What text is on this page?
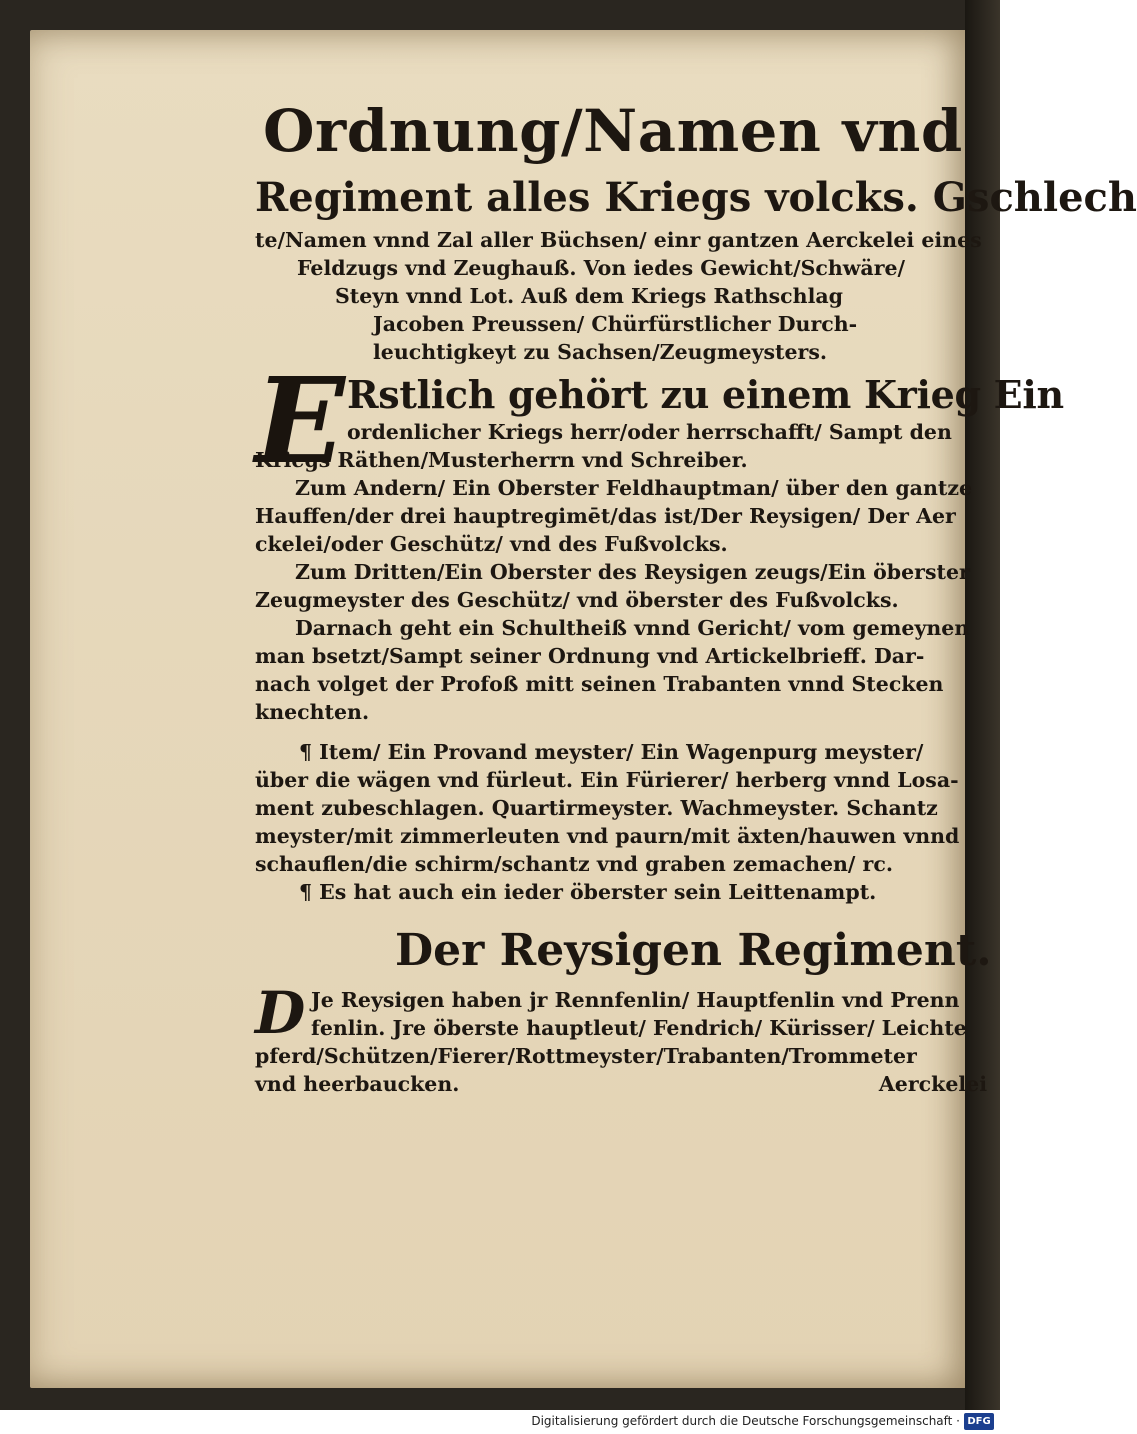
Ordnung/Namen vnd
Regiment alles Kriegs volcks. Gschlech
te/Namen vnnd Zal aller Büchsen/ einr gantzen Aerckelei eines
Feldzugs vnd Zeughauß. Von iedes Gewicht/Schwäre/
Steyn vnnd Lot. Auß dem Kriegs Rathschlag
Jacoben Preussen/ Chürfürstlicher Durch-
leuchtigkeyt zu Sachsen/Zeugmeysters.
E Rstlich gehört zu einem Krieg Ein
ordenlicher Kriegs herr/oder herrschafft/ Sampt den
Kriegs Räthen/Musterherrn vnd Schreiber.
Zum Andern/ Ein Oberster Feldhauptman/ über den gantze
Hauffen/der drei hauptregimēt/das ist/Der Reysigen/ Der Aer
ckelei/oder Geschütz/ vnd des Fußvolcks.
Zum Dritten/Ein Oberster des Reysigen zeugs/Ein öberster
Zeugmeyster des Geschütz/ vnd öberster des Fußvolcks.
Darnach geht ein Schultheiß vnnd Gericht/ vom gemeynen
man bsetzt/Sampt seiner Ordnung vnd Artickelbrieff. Dar-
nach volget der Profoß mitt seinen Trabanten vnnd Stecken
knechten.
¶ Item/ Ein Provand meyster/ Ein Wagenpurg meyster/
über die wägen vnd fürleut. Ein Fürierer/ herberg vnnd Losa-
ment zubeschlagen. Quartirmeyster. Wachmeyster. Schantz
meyster/mit zimmerleuten vnd paurn/mit äxten/hauwen vnnd
schauflen/die schirm/schantz vnd graben zemachen/ rc.
¶ Es hat auch ein ieder öberster sein Leittenampt.
Der Reysigen Regiment.
D Je Reysigen haben jr Rennfenlin/ Hauptfenlin vnd Prenn
fenlin. Jre öberste hauptleut/ Fendrich/ Kürisser/ Leichte
pferd/Schützen/Fierer/Rottmeyster/Trabanten/Trommeter
vnd heerbaucken.	Aerckelei
Digitalisierung gefördert durch die Deutsche Forschungsgemeinschaft · DFG
